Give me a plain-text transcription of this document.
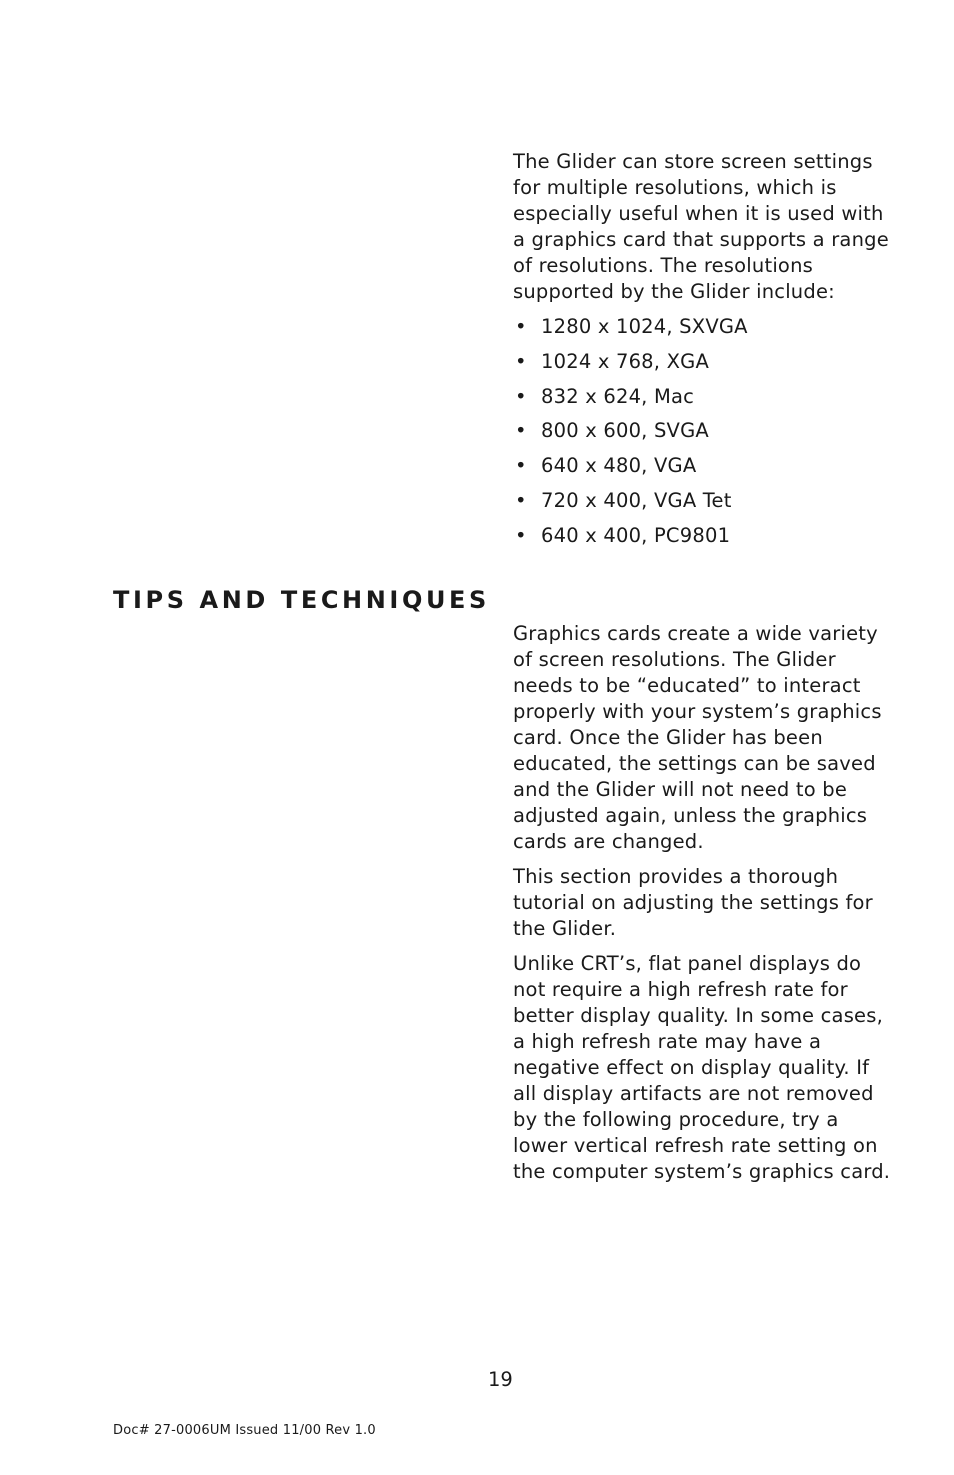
The Glider can store screen settings for multiple resolutions, which is especially useful when it is used with a graphics card that supports a range of resolutions. The resolutions supported by the Glider include:

• 1280 x 1024, SXVGA
• 1024 x 768, XGA
• 832 x 624, Mac
• 800 x 600, SVGA
• 640 x 480, VGA
• 720 x 400, VGA Tet
• 640 x 400, PC9801
TIPS AND TECHNIQUES

Graphics cards create a wide variety of screen resolutions. The Glider needs to be “educated” to interact properly with your system’s graphics card. Once the Glider has been educated, the settings can be saved and the Glider will not need to be adjusted again, unless the graphics cards are changed.

This section provides a thorough tutorial on adjusting the settings for the Glider.

Unlike CRT’s, flat panel displays do not require a high refresh rate for better display quality. In some cases, a high refresh rate may have a negative effect on display quality. If all display artifacts are not removed by the following procedure, try a lower vertical refresh rate setting on the computer system’s graphics card.

19
Doc# 27-0006UM Issued 11/00 Rev 1.0
